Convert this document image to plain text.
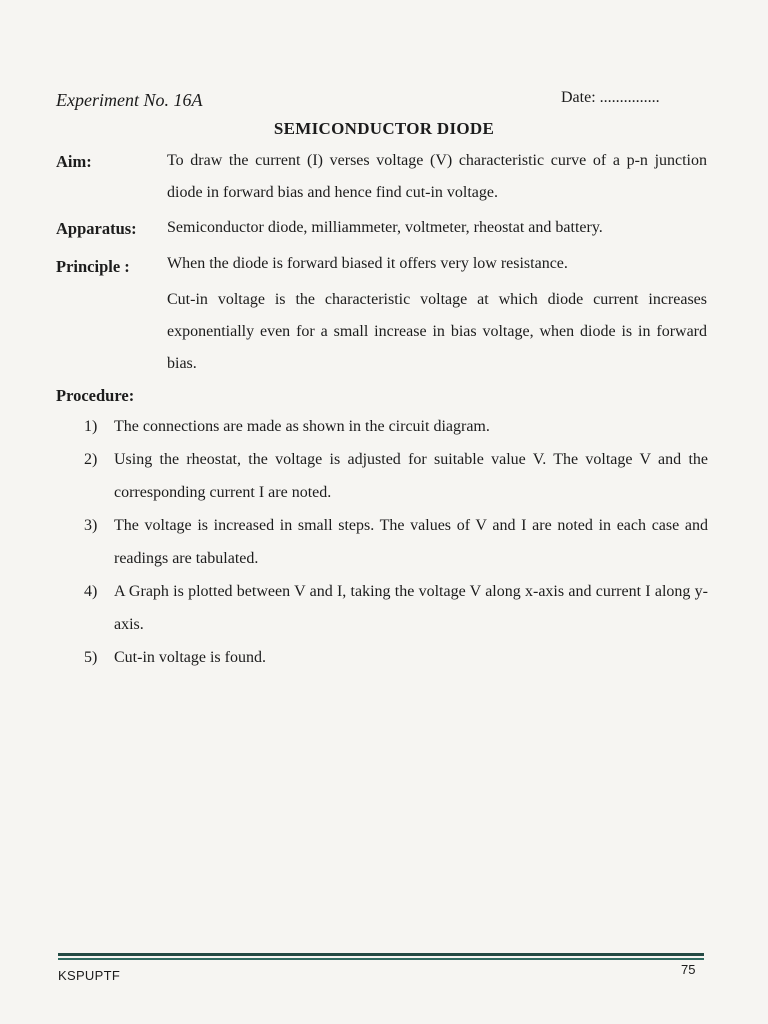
Experiment No. 16A	Date: ...............
SEMICONDUCTOR DIODE
Aim:	To draw the current (I) verses voltage (V) characteristic curve of a p-n junction diode in forward bias and hence find cut-in voltage.
Apparatus: Semiconductor diode, milliammeter, voltmeter, rheostat and battery.
Principle : When the diode is forward biased it offers very low resistance.
Cut-in voltage is the characteristic voltage at which diode current increases exponentially even for a small increase in bias voltage, when diode is in forward bias.
Procedure:
1)	The connections are made as shown in the circuit diagram.
2)	Using the rheostat, the voltage is adjusted for suitable value V. The voltage V and the corresponding current I are noted.
3)	The voltage is increased in small steps. The values of V and I are noted in each case and readings are tabulated.
4)	A Graph is plotted between V and I, taking the voltage V along x-axis and current I along y-axis.
5)	Cut-in voltage is found.
KSPUPTF	75
